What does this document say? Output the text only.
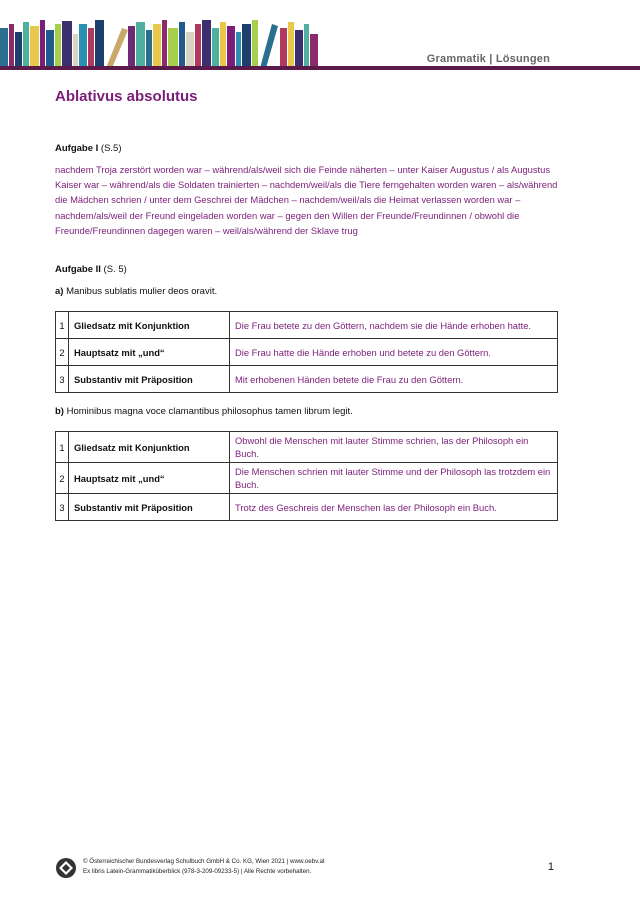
Grammatik | Lösungen
Ablativus absolutus
Aufgabe I (S.5)
nachdem Troja zerstört worden war – während/als/weil sich die Feinde näherten – unter Kaiser Augustus / als Augustus Kaiser war – während/als die Soldaten trainierten – nachdem/weil/als die Tiere ferngehalten worden waren – als/während die Mädchen schrien / unter dem Geschrei der Mädchen – nachdem/weil/als die Heimat verlassen worden war – nachdem/als/weil der Freund eingeladen worden war – gegen den Willen der Freunde/Freundinnen / obwohl die Freunde/Freundinnen dagegen waren – weil/als/während der Sklave trug
Aufgabe II (S. 5)
a) Manibus sublatis mulier deos oravit.
1	Gliedsatz mit Konjunktion	Die Frau betete zu den Göttern, nachdem sie die Hände erhoben hatte.
2	Hauptsatz mit „und“	Die Frau hatte die Hände erhoben und betete zu den Göttern.
3	Substantiv mit Präposition	Mit erhobenen Händen betete die Frau zu den Göttern.
b) Hominibus magna voce clamantibus philosophus tamen librum legit.
1	Gliedsatz mit Konjunktion	Obwohl die Menschen mit lauter Stimme schrien, las der Philosoph ein Buch.
2	Hauptsatz mit „und“	Die Menschen schrien mit lauter Stimme und der Philosoph las trotzdem ein Buch.
3	Substantiv mit Präposition	Trotz des Geschreis der Menschen las der Philosoph ein Buch.
© Österreichischer Bundesverlag Schulbuch GmbH & Co. KG, Wien 2021 | www.oebv.at
Ex libris Latein-Grammatiküberblick (978-3-209-09233-5) | Alle Rechte vorbehalten.	1
